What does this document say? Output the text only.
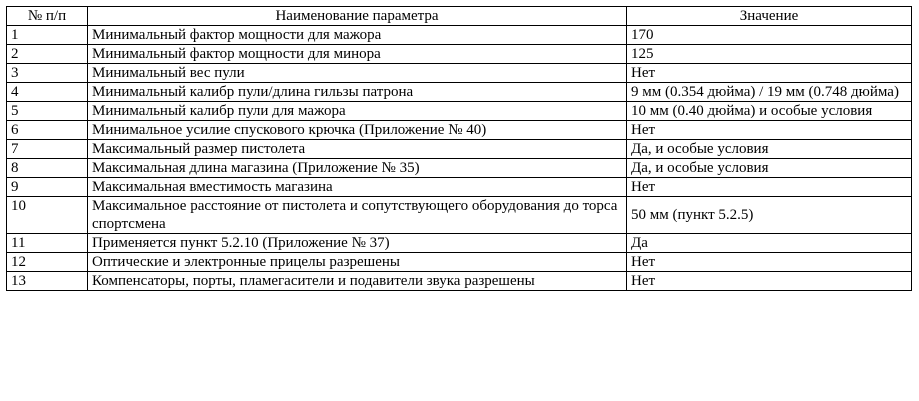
№ п/п	Наименование параметра	Значение
1	Минимальный фактор мощности для мажора	170
2	Минимальный фактор мощности для минора	125
3	Минимальный вес пули	Нет
4	Минимальный калибр пули/длина гильзы патрона	9 мм (0.354 дюйма) / 19 мм (0.748 дюйма)
5	Минимальный калибр пули для мажора	10 мм (0.40 дюйма) и особые условия
6	Минимальное усилие спускового крючка (Приложение № 40)	Нет
7	Максимальный размер пистолета	Да, и особые условия
8	Максимальная длина магазина (Приложение № 35)	Да, и особые условия
9	Максимальная вместимость магазина	Нет
10	Максимальное расстояние от пистолета и сопутствующего оборудования до торса спортсмена	50 мм (пункт 5.2.5)
11	Применяется пункт 5.2.10 (Приложение № 37)	Да
12	Оптические и электронные прицелы разрешены	Нет
13	Компенсаторы, порты, пламегасители и подавители звука разрешены	Нет
